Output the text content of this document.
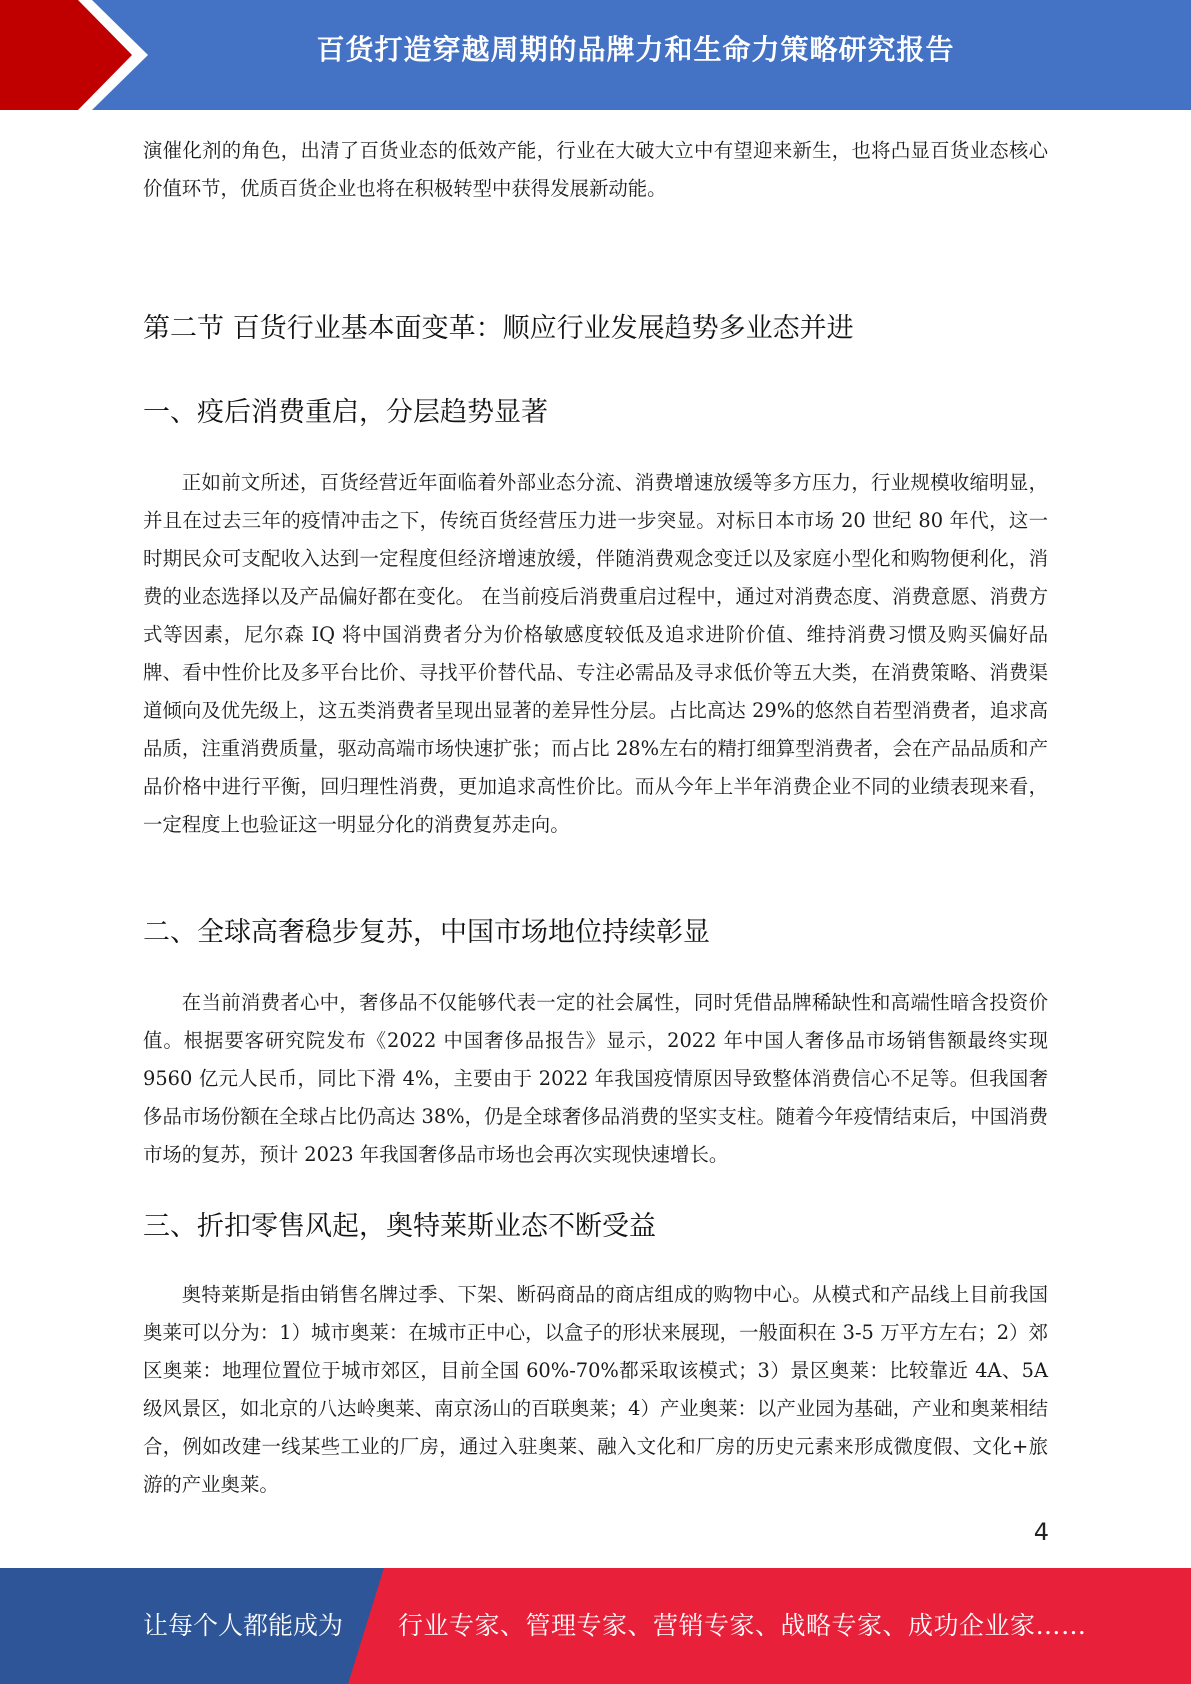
百货打造穿越周期的品牌力和生命力策略研究报告

演催化剂的角色，出清了百货业态的低效产能，行业在大破大立中有望迎来新生，也将凸显百货业态核心价值环节，优质百货企业也将在积极转型中获得发展新动能。

第二节 百货行业基本面变革：顺应行业发展趋势多业态并进
一、疫后消费重启，分层趋势显著

正如前文所述，百货经营近年面临着外部业态分流、消费增速放缓等多方压力，行业规模收缩明显，并且在过去三年的疫情冲击之下，传统百货经营压力进一步突显。对标日本市场 20 世纪 80 年代，这一时期民众可支配收入达到一定程度但经济增速放缓，伴随消费观念变迁以及家庭小型化和购物便利化，消费的业态选择以及产品偏好都在变化。 在当前疫后消费重启过程中，通过对消费态度、消费意愿、消费方式等因素，尼尔森 IQ 将中国消费者分为价格敏感度较低及追求进阶价值、维持消费习惯及购买偏好品牌、看中性价比及多平台比价、寻找平价替代品、专注必需品及寻求低价等五大类，在消费策略、消费渠道倾向及优先级上，这五类消费者呈现出显著的差异性分层。占比高达 29%的悠然自若型消费者，追求高品质，注重消费质量，驱动高端市场快速扩张；而占比 28%左右的精打细算型消费者，会在产品品质和产品价格中进行平衡，回归理性消费，更加追求高性价比。而从今年上半年消费企业不同的业绩表现来看，一定程度上也验证这一明显分化的消费复苏走向。

二、全球高奢稳步复苏，中国市场地位持续彰显

在当前消费者心中，奢侈品不仅能够代表一定的社会属性，同时凭借品牌稀缺性和高端性暗含投资价值。根据要客研究院发布《2022 中国奢侈品报告》显示，2022 年中国人奢侈品市场销售额最终实现 9560 亿元人民币，同比下滑 4%，主要由于 2022 年我国疫情原因导致整体消费信心不足等。但我国奢侈品市场份额在全球占比仍高达 38%，仍是全球奢侈品消费的坚实支柱。随着今年疫情结束后，中国消费市场的复苏，预计 2023 年我国奢侈品市场也会再次实现快速增长。

三、折扣零售风起，奥特莱斯业态不断受益

奥特莱斯是指由销售名牌过季、下架、断码商品的商店组成的购物中心。从模式和产品线上目前我国奥莱可以分为：1）城市奥莱：在城市正中心，以盒子的形状来展现，一般面积在 3-5 万平方左右；2）郊区奥莱：地理位置位于城市郊区，目前全国 60%-70%都采取该模式；3）景区奥莱：比较靠近 4A、5A 级风景区，如北京的八达岭奥莱、南京汤山的百联奥莱；4）产业奥莱：以产业园为基础，产业和奥莱相结合，例如改建一线某些工业的厂房，通过入驻奥莱、融入文化和厂房的历史元素来形成微度假、文化+旅游的产业奥莱。

4
让每个人都能成为 行业专家、管理专家、营销专家、战略专家、成功企业家……
